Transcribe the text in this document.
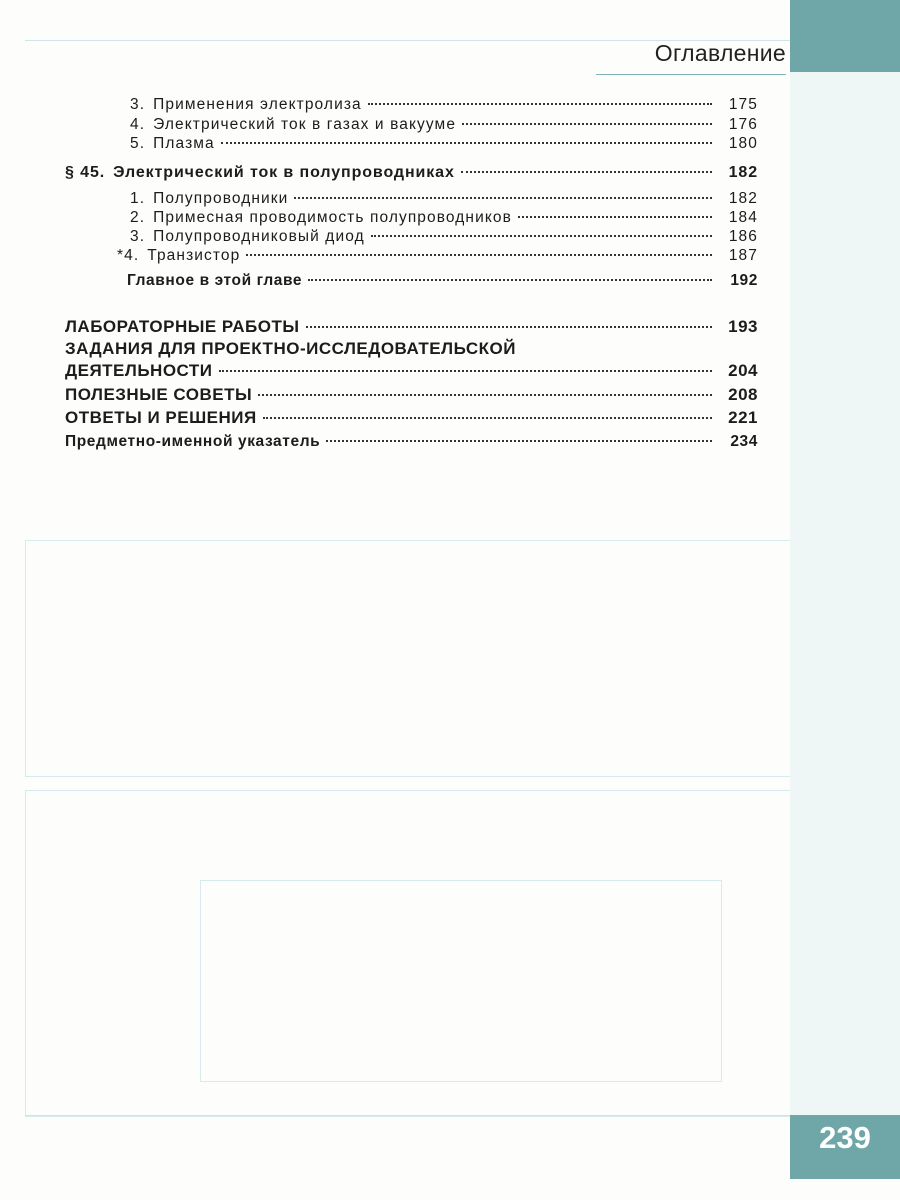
Оглавление
3. Применения электролиза	175
4. Электрический ток в газах и вакууме	176
5. Плазма	180
§ 45. Электрический ток в полупроводниках	182
1. Полупроводники	182
2. Примесная проводимость полупроводников	184
3. Полупроводниковый диод	186
*4. Транзистор	187
Главное в этой главе	192
ЛАБОРАТОРНЫЕ РАБОТЫ	193
ЗАДАНИЯ ДЛЯ ПРОЕКТНО-ИССЛЕДОВАТЕЛЬСКОЙ
ДЕЯТЕЛЬНОСТИ	204
ПОЛЕЗНЫЕ СОВЕТЫ	208
ОТВЕТЫ И РЕШЕНИЯ	221
Предметно-именной указатель	234
239
